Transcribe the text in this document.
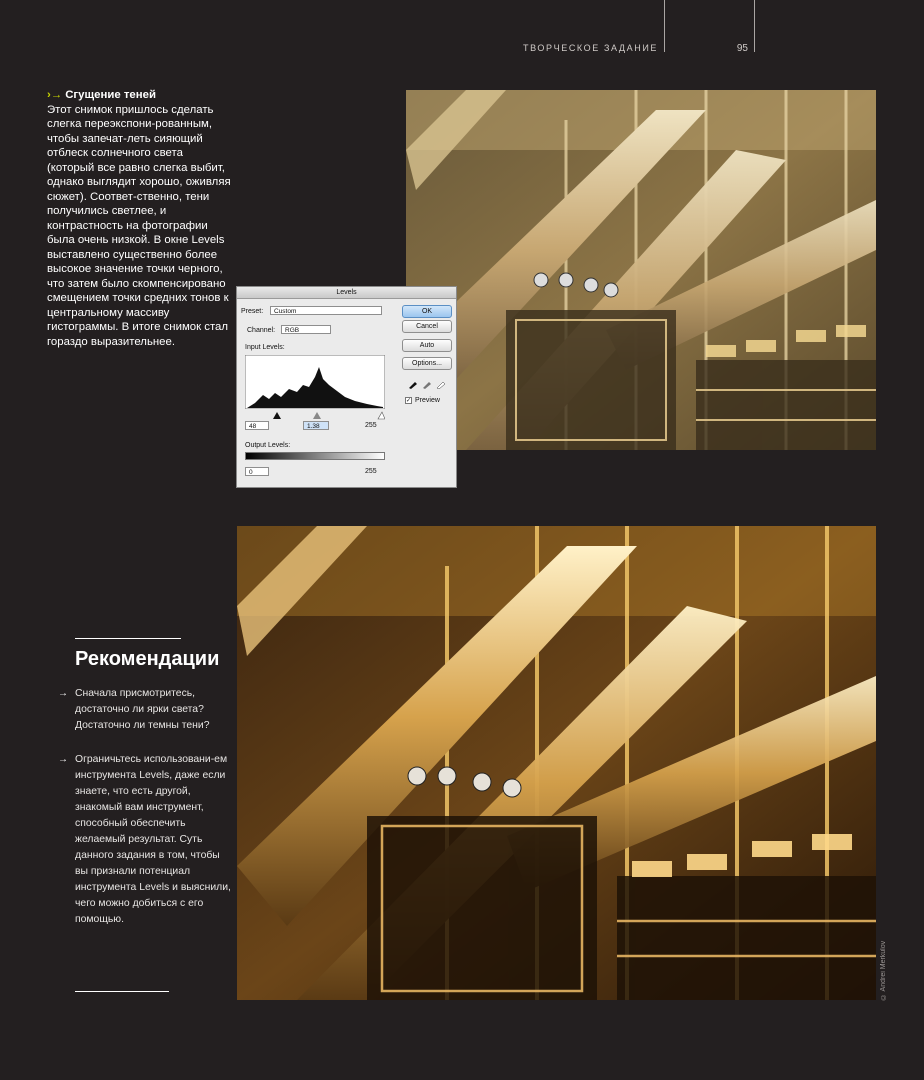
ТВОРЧЕСКОЕ ЗАДАНИЕ	95
›→ Сгущение теней
Этот снимок пришлось сделать слегка переэкспони-рованным, чтобы запечат-леть сияющий отблеск солнечного света (который все равно слегка выбит, однако выглядит хорошо, оживляя сюжет). Соответ-ственно, тени получились светлее, и контрастность на фотографии была очень низкой. В окне Levels выставлено существенно более высокое значение точки черного, что затем было скомпенсировано смещением точки средних тонов к центральному массиву гистограммы. В итоге снимок стал гораздо выразительнее.
Levels
Preset:	Custom
Channel:	RGB
Input Levels:
48	1.38	255
Output Levels:
0	255
OK
Cancel
Auto
Options...
✓ Preview
Рекомендации
→ Сначала присмотритесь, достаточно ли ярки света? Достаточно ли темны тени?
→ Ограничьтесь использовани-ем инструмента Levels, даже если знаете, что есть другой, знакомый вам инструмент, способный обеспечить желаемый результат. Суть данного задания в том, чтобы вы признали потенциал инструмента Levels и выяснили, чего можно добиться с его помощью.
© Andrei Merkulov
